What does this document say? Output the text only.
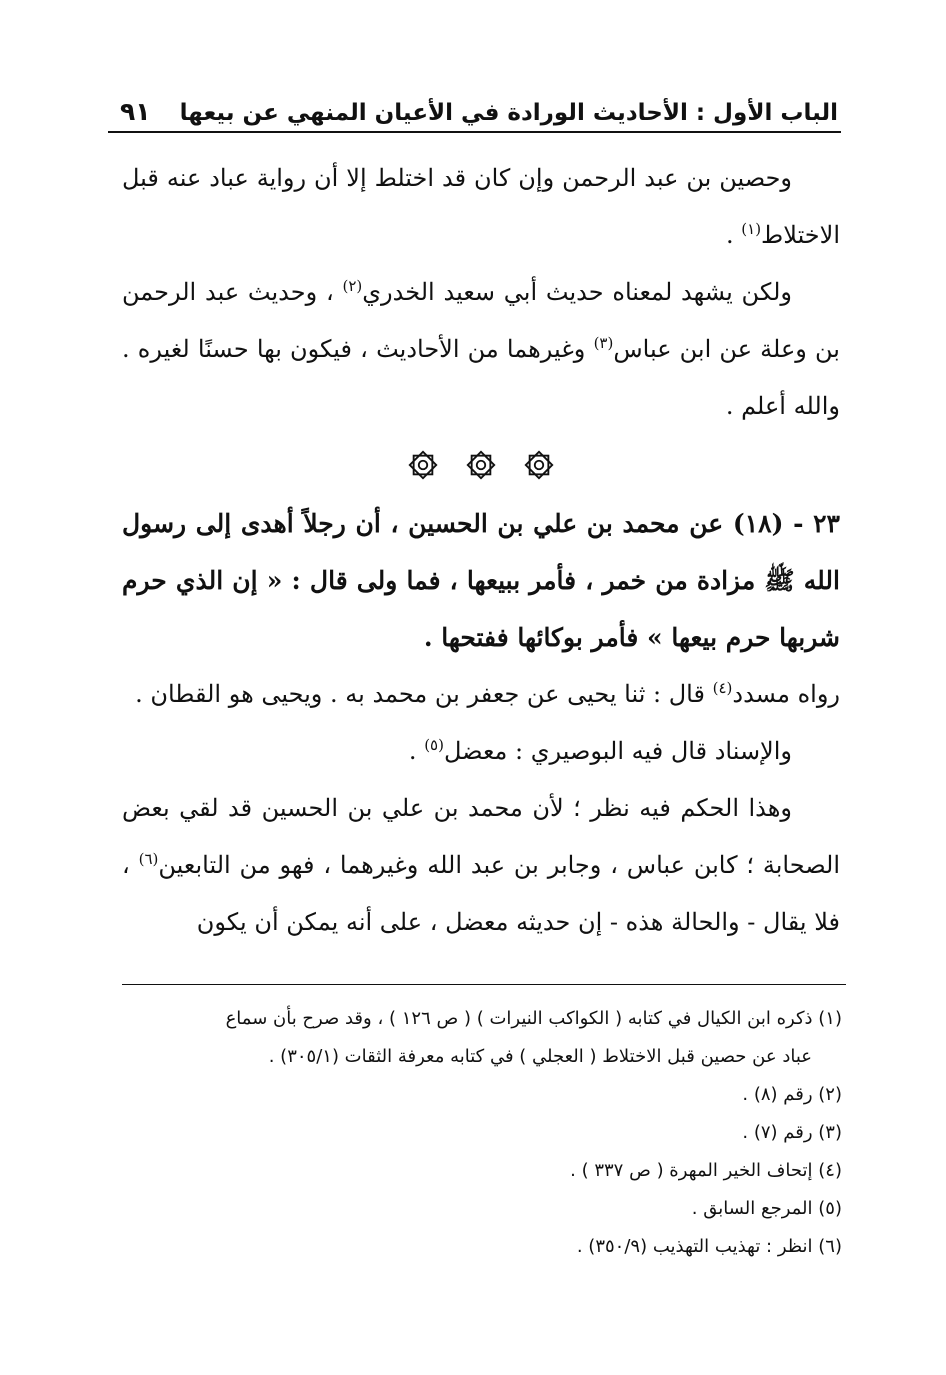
الباب الأول : الأحاديث الورادة في الأعيان المنهي عن بيعها
٩١

وحصين بن عبد الرحمن وإن كان قد اختلط إلا أن رواية عباد عنه قبل الاختلاط$^{(١)}$ .

ولكن يشهد لمعناه حديث أبي سعيد الخدري$^{(٢)}$ ، وحديث عبد الرحمن بن وعلة عن ابن عباس$^{(٣)}$ وغيرهما من الأحاديث ، فيكون بها حسنًا لغيره . والله أعلم .

٢٣ - (١٨) عن محمد بن علي بن الحسين ، أن رجلاً أهدى إلى رسول الله ﷺ مزادة من خمر ، فأمر ببيعها ، فما ولى قال : « إن الذي حرم شربها حرم بيعها » فأمر بوكائها ففتحها .

رواه مسدد$^{(٤)}$ قال : ثنا يحيى عن جعفر بن محمد به . ويحيى هو القطان .

والإسناد قال فيه البوصيري : معضل$^{(٥)}$ .

وهذا الحكم فيه نظر ؛ لأن محمد بن علي بن الحسين قد لقي بعض الصحابة ؛ كابن عباس ، وجابر بن عبد الله وغيرهما ، فهو من التابعين$^{(٦)}$ ، فلا يقال - والحالة هذه - إن حديثه معضل ، على أنه يمكن أن يكون

(١) ذكره ابن الكيال في كتابه ( الكواكب النيرات ) ( ص ١٢٦ ) ، وقد صرح بأن سماع

عباد عن حصين قبل الاختلاط ( العجلي ) في كتابه معرفة الثقات (٣٠٥/١) .

(٢) رقم (٨) .

(٣) رقم (٧) .

(٤) إتحاف الخير المهرة ( ص ٣٣٧ ) .

(٥) المرجع السابق .

(٦) انظر : تهذيب التهذيب (٣٥٠/٩) .
